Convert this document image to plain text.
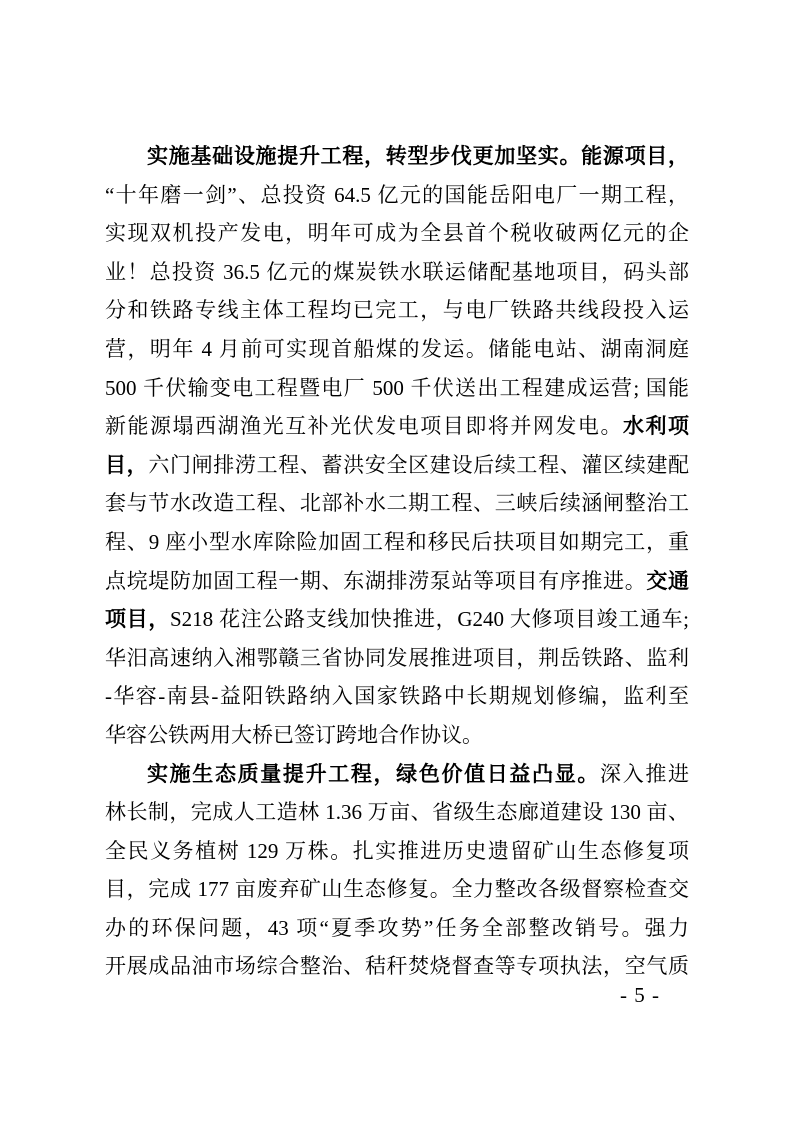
实施基础设施提升工程，转型步伐更加坚实。能源项目，
“十年磨一剑”、总投资 64.5 亿元的国能岳阳电厂一期工程，
实现双机投产发电，明年可成为全县首个税收破两亿元的企
业！总投资 36.5 亿元的煤炭铁水联运储配基地项目，码头部
分和铁路专线主体工程均已完工，与电厂铁路共线段投入运
营，明年 4 月前可实现首船煤的发运。储能电站、湖南洞庭
500 千伏输变电工程暨电厂 500 千伏送出工程建成运营; 国能
新能源塌西湖渔光互补光伏发电项目即将并网发电。水利项
目，六门闸排涝工程、蓄洪安全区建设后续工程、灌区续建配
套与节水改造工程、北部补水二期工程、三峡后续涵闸整治工
程、9 座小型水库除险加固工程和移民后扶项目如期完工，重
点垸堤防加固工程一期、东湖排涝泵站等项目有序推进。交通
项目，S218 花注公路支线加快推进，G240 大修项目竣工通车;
华汨高速纳入湘鄂赣三省协同发展推进项目，荆岳铁路、监利
-华容-南县-益阳铁路纳入国家铁路中长期规划修编，监利至
华容公铁两用大桥已签订跨地合作协议。
实施生态质量提升工程，绿色价值日益凸显。深入推进
林长制，完成人工造林 1.36 万亩、省级生态廊道建设 130 亩、
全民义务植树 129 万株。扎实推进历史遗留矿山生态修复项
目，完成 177 亩废弃矿山生态修复。全力整改各级督察检查交
办的环保问题，43 项“夏季攻势”任务全部整改销号。强力
开展成品油市场综合整治、秸秆焚烧督查等专项执法，空气质
- 5 -
